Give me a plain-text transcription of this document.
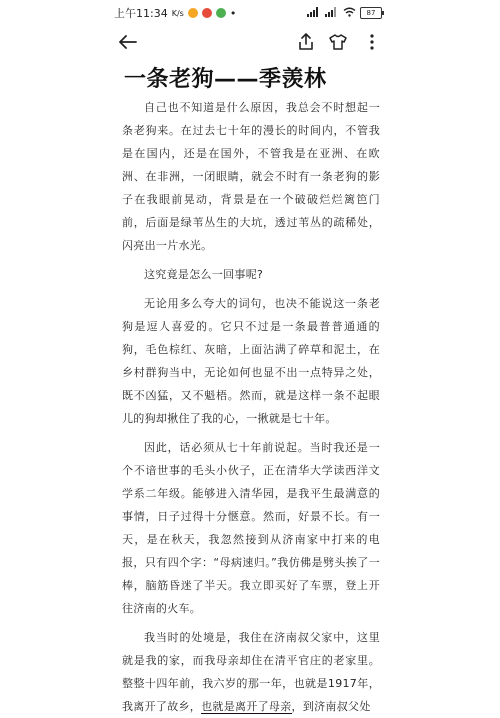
上午11:34 K/s	•	87
一条老狗——季羡林

自己也不知道是什么原因，我总会不时想起一条老狗来。在过去七十年的漫长的时间内，不管我是在国内，还是在国外，不管我是在亚洲、在欧洲、在非洲，一闭眼睛，就会不时有一条老狗的影子在我眼前晃动，背景是在一个破破烂烂篱笆门前，后面是绿苇丛生的大坑，透过苇丛的疏稀处，闪亮出一片水光。

这究竟是怎么一回事呢?

无论用多么夸大的词句，也决不能说这一条老狗是逗人喜爱的。它只不过是一条最普普通通的狗，毛色棕红、灰暗，上面沾满了碎草和泥土，在乡村群狗当中，无论如何也显不出一点特异之处，既不凶猛，又不魁梧。然而，就是这样一条不起眼儿的狗却揪住了我的心，一揪就是七十年。

因此，话必须从七十年前说起。当时我还是一个不谙世事的毛头小伙子，正在清华大学读西洋文学系二年级。能够进入清华园，是我平生最满意的事情，日子过得十分惬意。然而，好景不长。有一天，是在秋天，我忽然接到从济南家中打来的电报，只有四个字：“母病速归。”我仿佛是劈头挨了一棒，脑筋昏迷了半天。我立即买好了车票，登上开往济南的火车。

我当时的处境是，我住在济南叔父家中，这里就是我的家，而我母亲却住在清平官庄的老家里。整整十四年前，我六岁的那一年，也就是1917年，我离开了故乡，也就是离开了母亲，到济南叔父处
